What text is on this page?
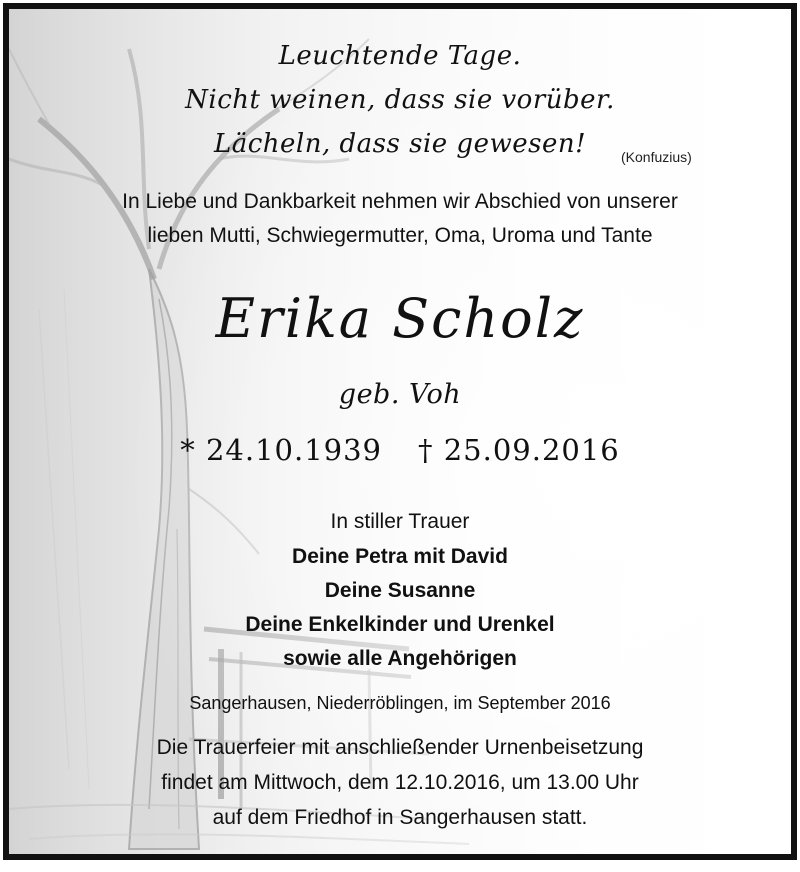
Leuchtende Tage.

Nicht weinen, dass sie vorüber.

Lächeln, dass sie gewesen!	(Konfuzius)

In Liebe und Dankbarkeit nehmen wir Abschied von unserer

lieben Mutti, Schwiegermutter, Oma, Uroma und Tante

Erika Scholz

geb. Voh

* 24.10.1939 † 25.09.2016

In stiller Trauer

Deine Petra mit David

Deine Susanne

Deine Enkelkinder und Urenkel

sowie alle Angehörigen

Sangerhausen, Niederröblingen, im September 2016

Die Trauerfeier mit anschließender Urnenbeisetzung

findet am Mittwoch, dem 12.10.2016, um 13.00 Uhr

auf dem Friedhof in Sangerhausen statt.
